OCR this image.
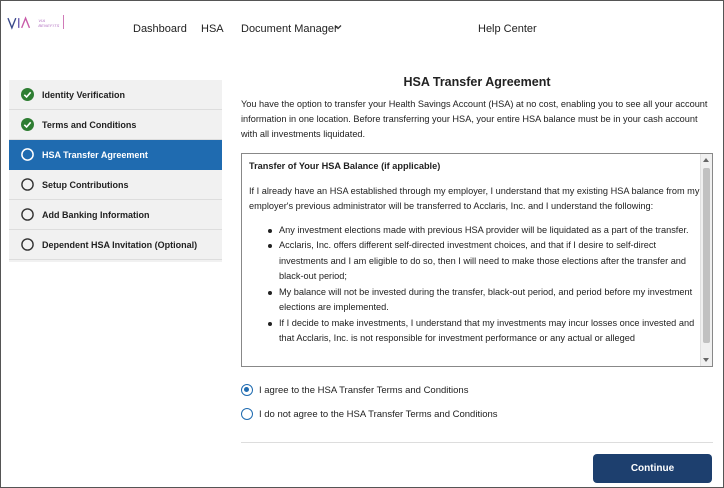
VIA BENEFITS	Dashboard HSA Document Manager	Help Center
Identity Verification
Terms and Conditions
HSA Transfer Agreement
Setup Contributions
Add Banking Information
Dependent HSA Invitation (Optional)
HSA Transfer Agreement
You have the option to transfer your Health Savings Account (HSA) at no cost, enabling you to see all your account information in one location. Before transferring your HSA, your entire HSA balance must be in your cash account with all investments liquidated.
Transfer of Your HSA Balance (if applicable)

If I already have an HSA established through my employer, I understand that my existing HSA balance from my employer's previous administrator will be transferred to Acclaris, Inc. and I understand the following:

Any investment elections made with previous HSA provider will be liquidated as a part of the transfer.
Acclaris, Inc. offers different self-directed investment choices, and that if I desire to self-direct investments and I am eligible to do so, then I will need to make those elections after the transfer and black-out period;
My balance will not be invested during the transfer, black-out period, and period before my investment elections are implemented.
If I decide to make investments, I understand that my investments may incur losses once invested and that Acclaris, Inc. is not responsible for investment performance or any actual or alleged
I agree to the HSA Transfer Terms and Conditions
I do not agree to the HSA Transfer Terms and Conditions
Continue
